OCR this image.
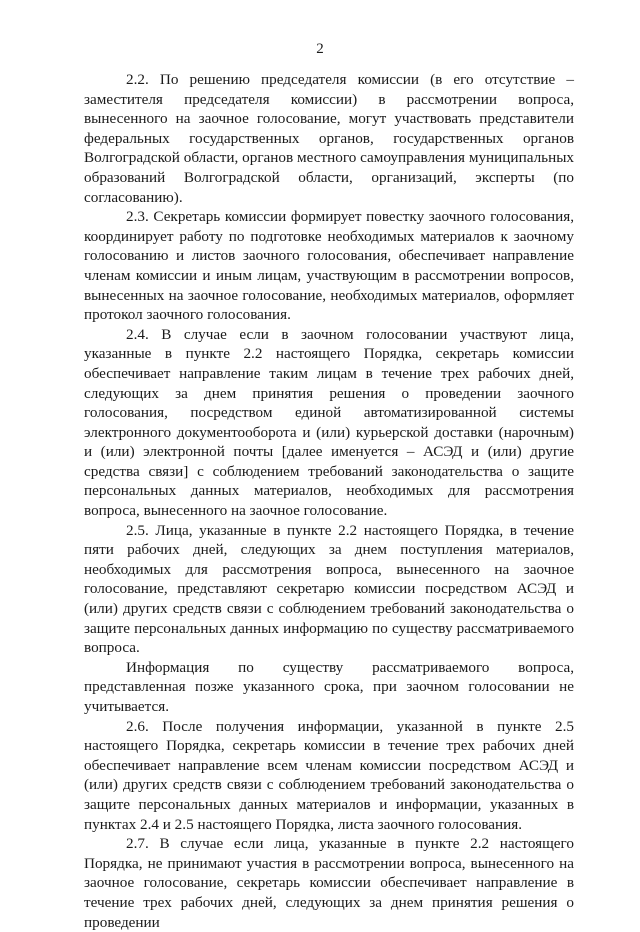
2

2.2. По решению председателя комиссии (в его отсутствие – заместителя председателя комиссии) в рассмотрении вопроса, вынесенного на заочное голосование, могут участвовать представители федеральных государственных органов, государственных органов Волгоградской области, органов местного самоуправления муниципальных образований Волгоградской области, организаций, эксперты (по согласованию).

2.3. Секретарь комиссии формирует повестку заочного голосования, координирует работу по подготовке необходимых материалов к заочному голосованию и листов заочного голосования, обеспечивает направление членам комиссии и иным лицам, участвующим в рассмотрении вопросов, вынесенных на заочное голосование, необходимых материалов, оформляет протокол заочного голосования.

2.4. В случае если в заочном голосовании участвуют лица, указанные в пункте 2.2 настоящего Порядка, секретарь комиссии обеспечивает направление таким лицам в течение трех рабочих дней, следующих за днем принятия решения о проведении заочного голосования, посредством единой автоматизированной системы электронного документооборота и (или) курьерской доставки (нарочным) и (или) электронной почты [далее именуется – АСЭД и (или) другие средства связи] с соблюдением требований законодательства о защите персональных данных материалов, необходимых для рассмотрения вопроса, вынесенного на заочное голосование.

2.5. Лица, указанные в пункте 2.2 настоящего Порядка, в течение пяти рабочих дней, следующих за днем поступления материалов, необходимых для рассмотрения вопроса, вынесенного на заочное голосование, представляют секретарю комиссии посредством АСЭД и (или) других средств связи с соблюдением требований законодательства о защите персональных данных информацию по существу рассматриваемого вопроса.

Информация по существу рассматриваемого вопроса, представленная позже указанного срока, при заочном голосовании не учитывается.

2.6. После получения информации, указанной в пункте 2.5 настоящего Порядка, секретарь комиссии в течение трех рабочих дней обеспечивает направление всем членам комиссии посредством АСЭД и (или) других средств связи с соблюдением требований законодательства о защите персональных данных материалов и информации, указанных в пунктах 2.4 и 2.5 настоящего Порядка, листа заочного голосования.

2.7. В случае если лица, указанные в пункте 2.2 настоящего Порядка, не принимают участия в рассмотрении вопроса, вынесенного на заочное голосование, секретарь комиссии обеспечивает направление в течение трех рабочих дней, следующих за днем принятия решения о проведении
